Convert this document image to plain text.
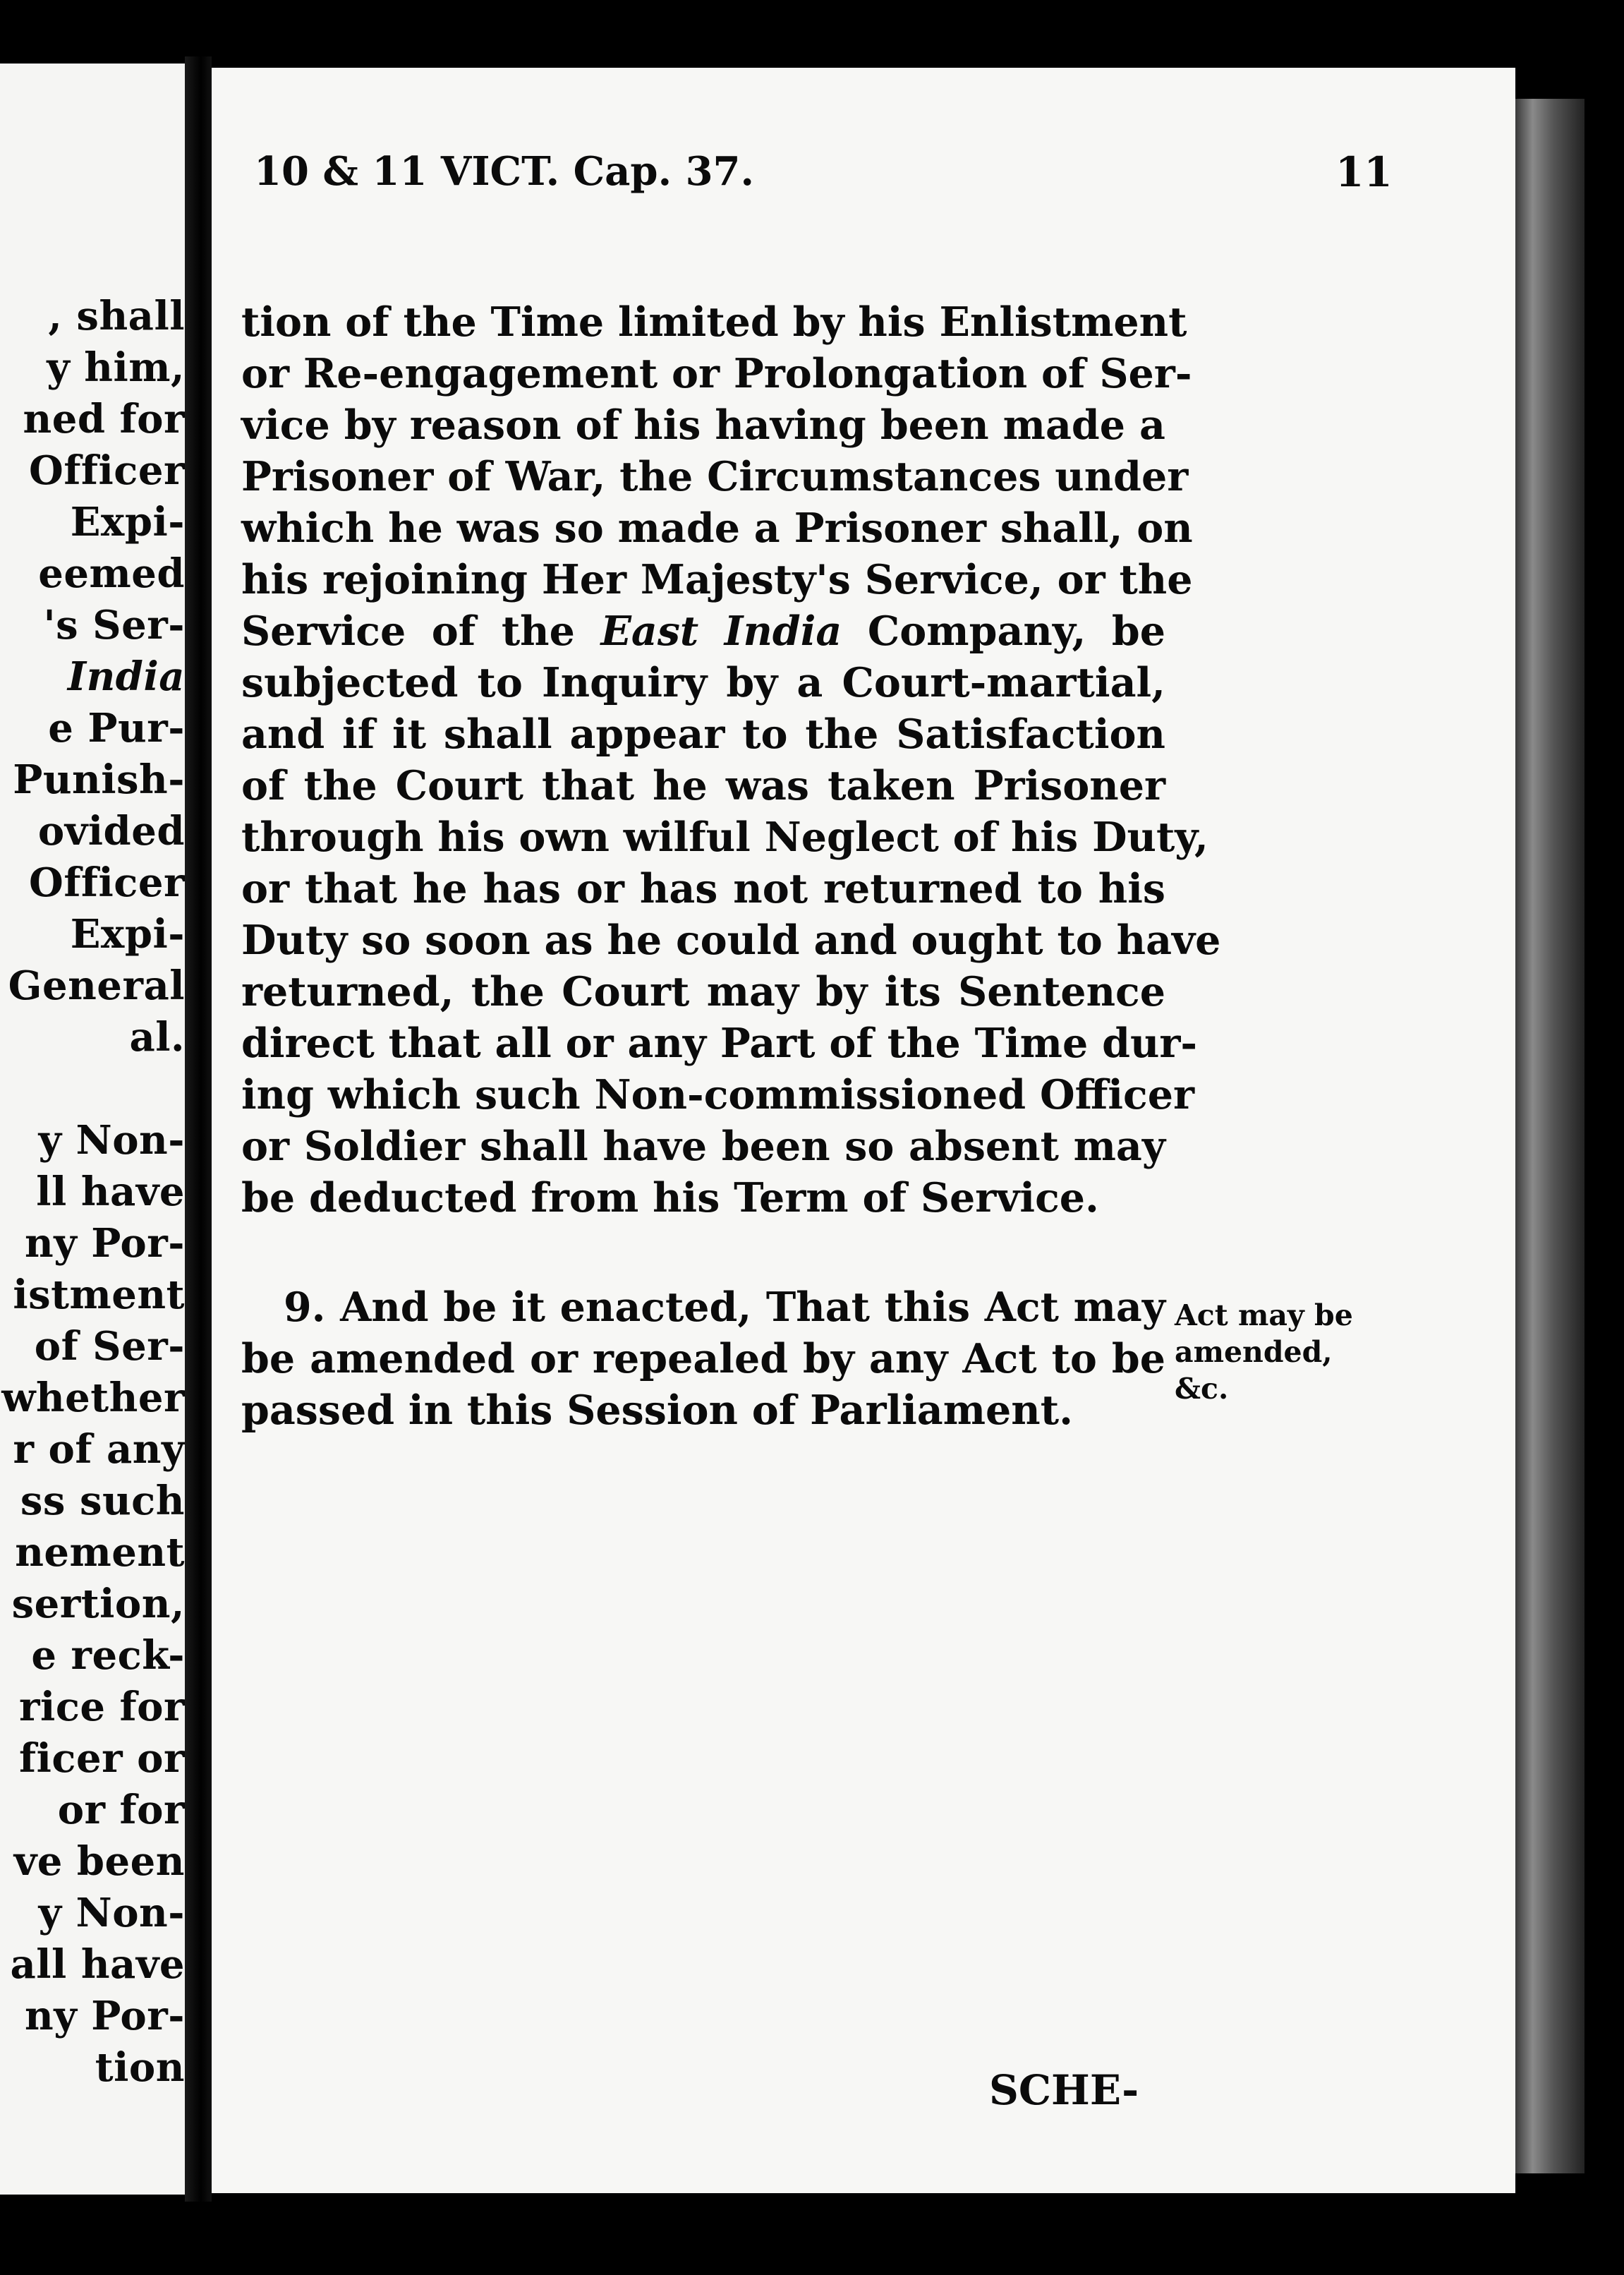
, shall
y him,
ned for
Officer
Expi-
eemed
's Ser-
India
e Pur-
Punish-
ovided
Officer
Expi-
General
al.
y Non-
ll have
ny Por-
istment
of Ser-
whether
r of any
ss such
nement
sertion,
e reck-
rice for
ficer or
or for
ve been
y Non-
all have
ny Por-
tion
10 & 11 VICT. Cap. 37.	11
tion of the Time limited by his Enlistment
or Re-engagement or Prolongation of Ser-
vice by reason of his having been made a
Prisoner of War, the Circumstances under
which he was so made a Prisoner shall, on
his rejoining Her Majesty's Service, or the
Service of the East India Company, be
subjected to Inquiry by a Court-martial,
and if it shall appear to the Satisfaction
of the Court that he was taken Prisoner
through his own wilful Neglect of his Duty,
or that he has or has not returned to his
Duty so soon as he could and ought to have
returned, the Court may by its Sentence
direct that all or any Part of the Time dur-
ing which such Non-commissioned Officer
or Soldier shall have been so absent may
be deducted from his Term of Service.
9. And be it enacted, That this Act may
be amended or repealed by any Act to be
passed in this Session of Parliament.
Act may be
amended,
&c.
SCHE-
